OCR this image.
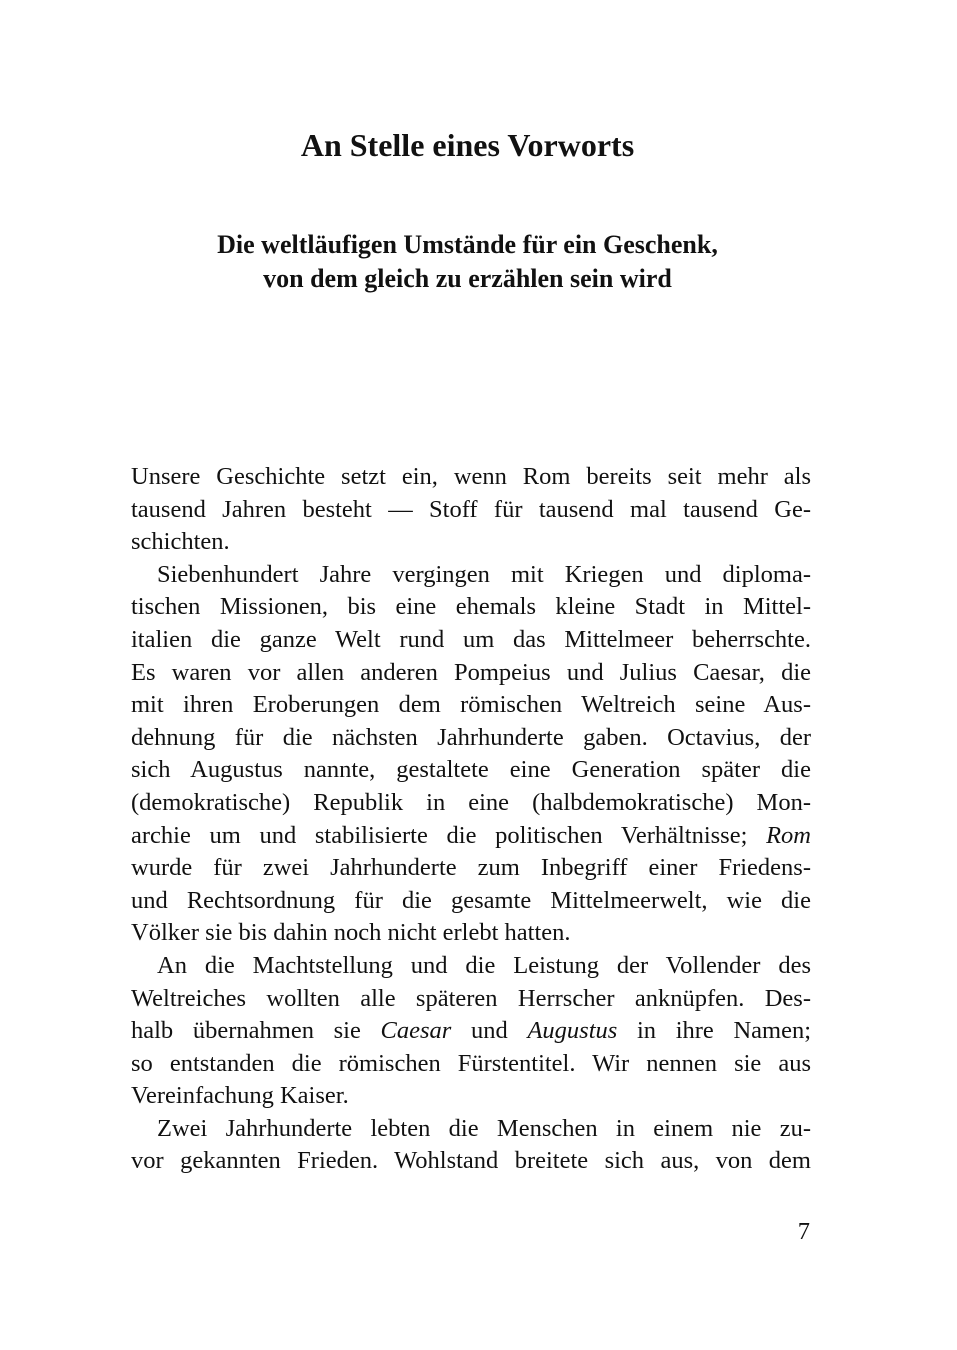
An Stelle eines Vorworts
Die weltläufigen Umstände für ein Geschenk,
von dem gleich zu erzählen sein wird
Unsere Geschichte setzt ein, wenn Rom bereits seit mehr als
tausend Jahren besteht — Stoff für tausend mal tausend Ge-
schichten.
Siebenhundert Jahre vergingen mit Kriegen und diploma-
tischen Missionen, bis eine ehemals kleine Stadt in Mittel-
italien die ganze Welt rund um das Mittelmeer beherrschte.
Es waren vor allen anderen Pompeius und Julius Caesar, die
mit ihren Eroberungen dem römischen Weltreich seine Aus-
dehnung für die nächsten Jahrhunderte gaben. Octavius, der
sich Augustus nannte, gestaltete eine Generation später die
(demokratische) Republik in eine (halbdemokratische) Mon-
archie um und stabilisierte die politischen Verhältnisse; Rom
wurde für zwei Jahrhunderte zum Inbegriff einer Friedens-
und Rechtsordnung für die gesamte Mittelmeerwelt, wie die
Völker sie bis dahin noch nicht erlebt hatten.
An die Machtstellung und die Leistung der Vollender des
Weltreiches wollten alle späteren Herrscher anknüpfen. Des-
halb übernahmen sie Caesar und Augustus in ihre Namen;
so entstanden die römischen Fürstentitel. Wir nennen sie aus
Vereinfachung Kaiser.
Zwei Jahrhunderte lebten die Menschen in einem nie zu-
vor gekannten Frieden. Wohlstand breitete sich aus, von dem
7
